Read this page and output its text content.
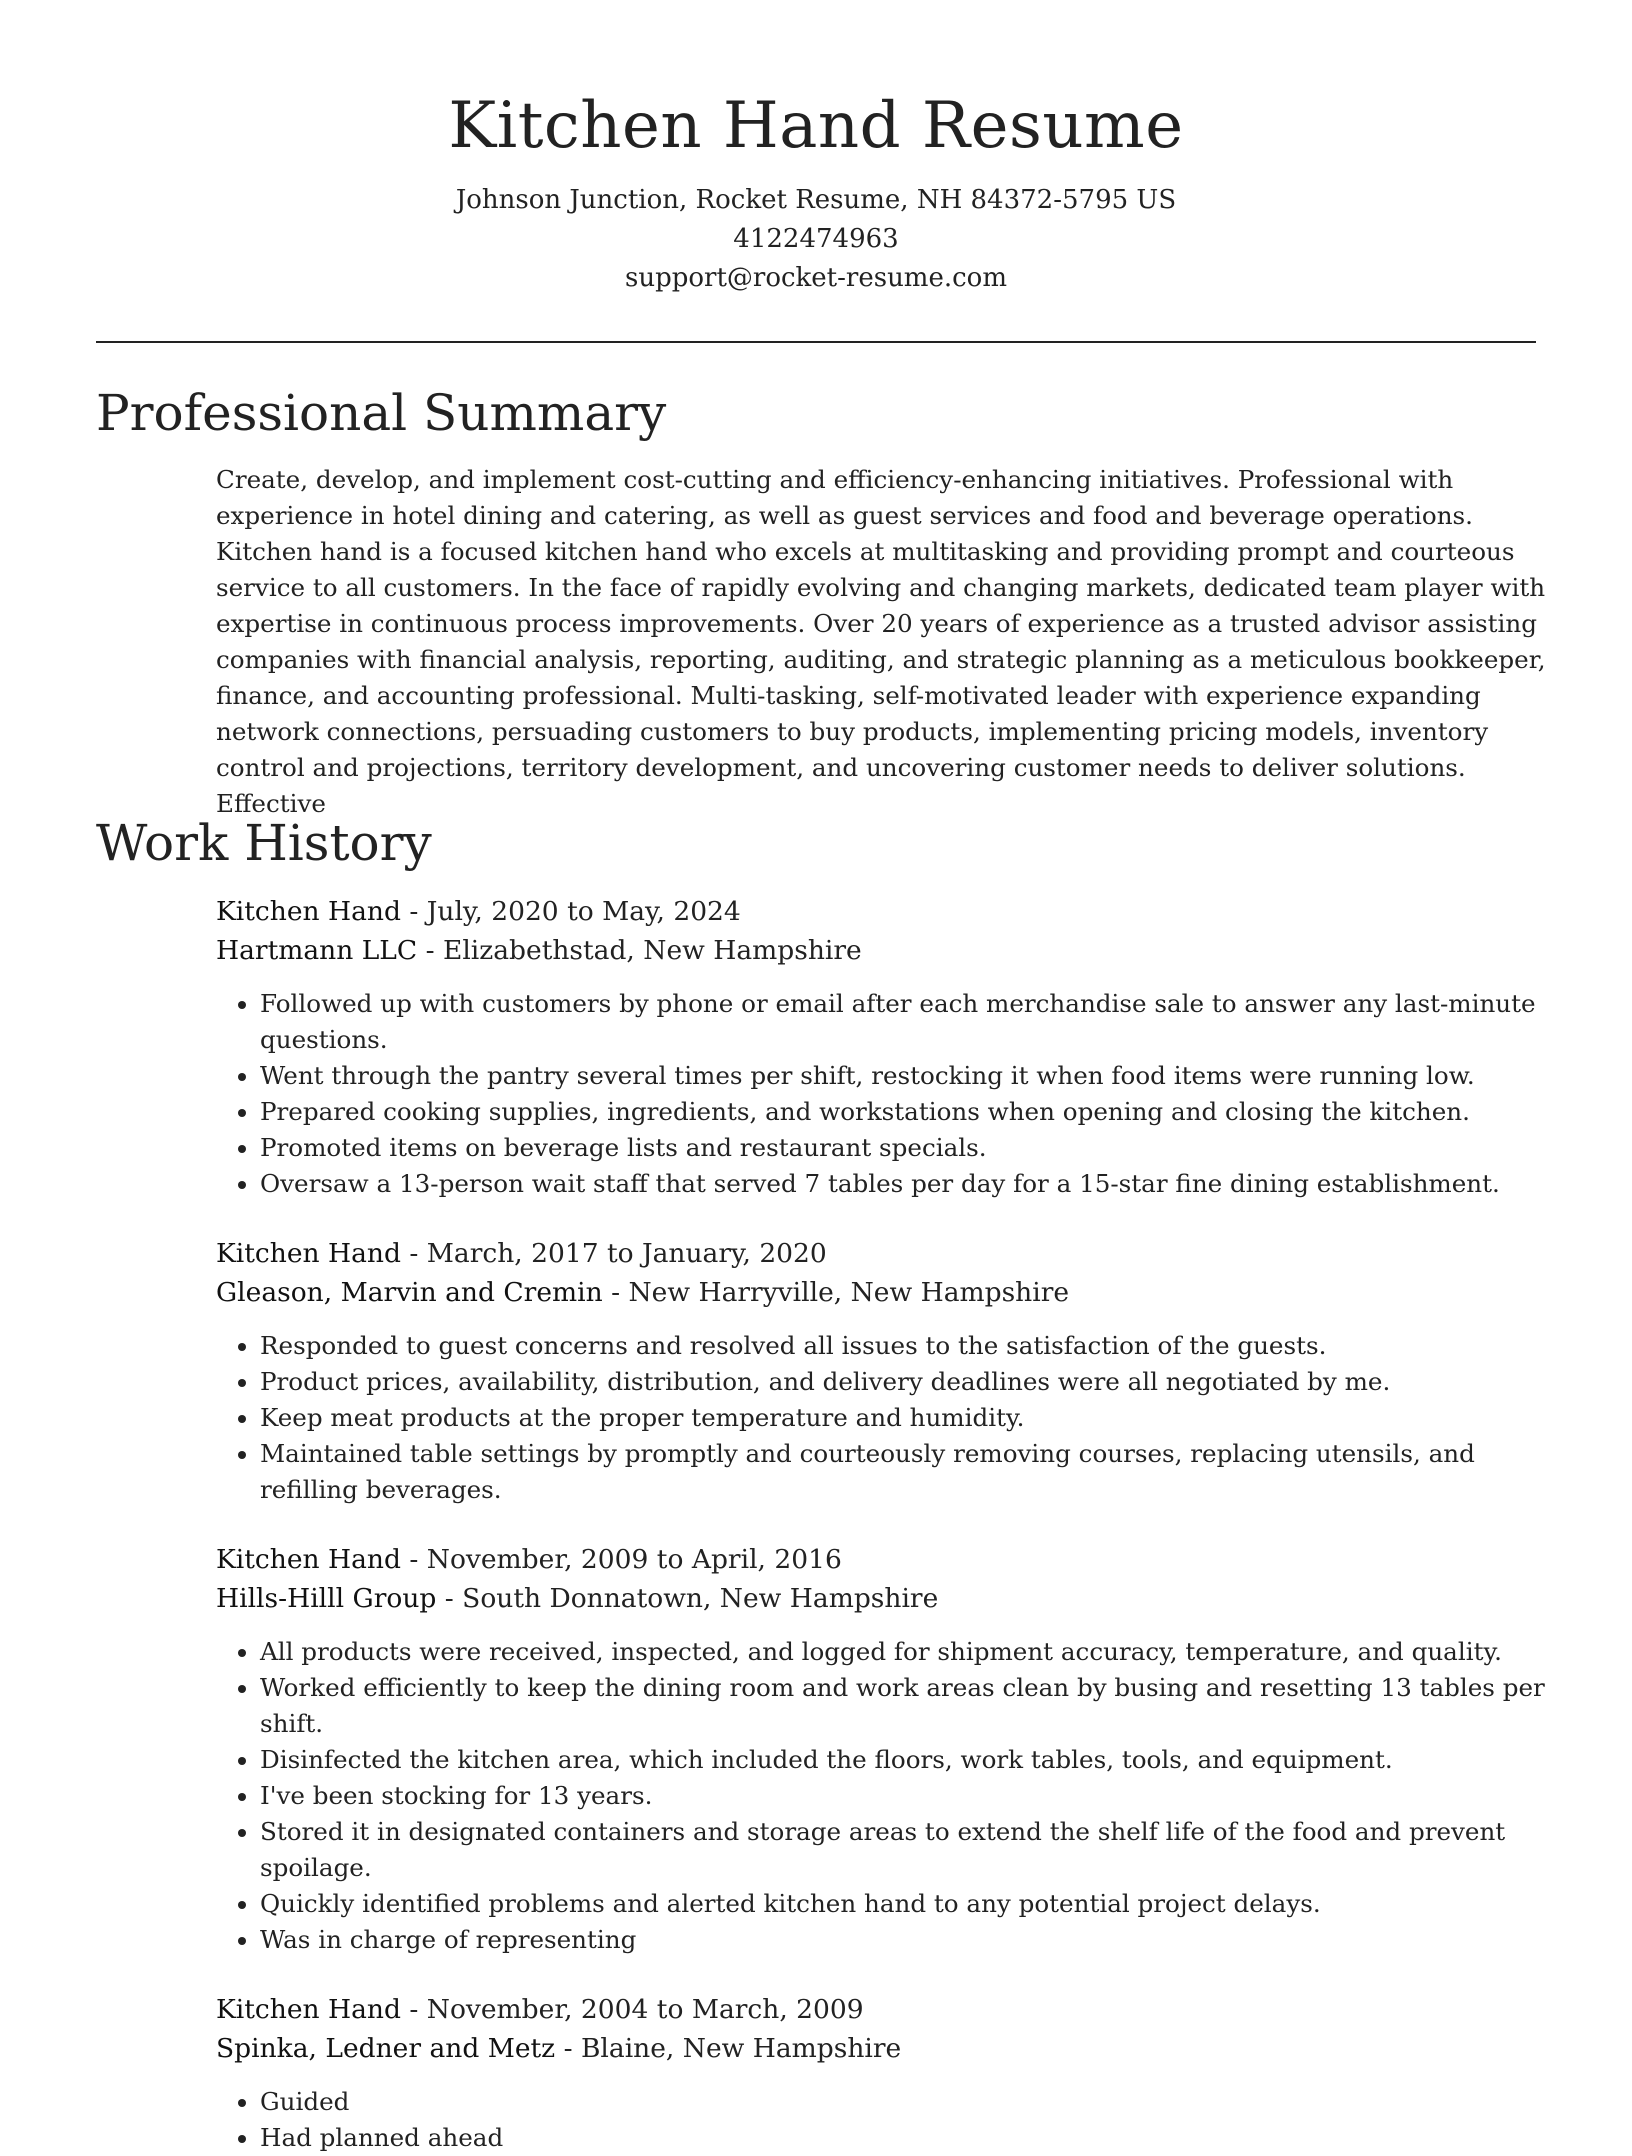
Kitchen Hand Resume

Johnson Junction, Rocket Resume, NH 84372-5795 US

4122474963

support@rocket-resume.com

Professional Summary

Create, develop, and implement cost-cutting and efficiency-enhancing initiatives. Professional with experience in hotel dining and catering, as well as guest services and food and beverage operations. Kitchen hand is a focused kitchen hand who excels at multitasking and providing prompt and courteous service to all customers. In the face of rapidly evolving and changing markets, dedicated team player with expertise in continuous process improvements. Over 20 years of experience as a trusted advisor assisting companies with financial analysis, reporting, auditing, and strategic planning as a meticulous bookkeeper, finance, and accounting professional. Multi-tasking, self-motivated leader with experience expanding network connections, persuading customers to buy products, implementing pricing models, inventory control and projections, territory development, and uncovering customer needs to deliver solutions. Effective

Work History

Kitchen Hand - July, 2020 to May, 2024

Hartmann LLC - Elizabethstad, New Hampshire

• Followed up with customers by phone or email after each merchandise sale to answer any last-minute questions.
• Went through the pantry several times per shift, restocking it when food items were running low.
• Prepared cooking supplies, ingredients, and workstations when opening and closing the kitchen.
• Promoted items on beverage lists and restaurant specials.
• Oversaw a 13-person wait staff that served 7 tables per day for a 15-star fine dining establishment.

Kitchen Hand - March, 2017 to January, 2020

Gleason, Marvin and Cremin - New Harryville, New Hampshire

• Responded to guest concerns and resolved all issues to the satisfaction of the guests.
• Product prices, availability, distribution, and delivery deadlines were all negotiated by me.
• Keep meat products at the proper temperature and humidity.
• Maintained table settings by promptly and courteously removing courses, replacing utensils, and refilling beverages.

Kitchen Hand - November, 2009 to April, 2016

Hills-Hilll Group - South Donnatown, New Hampshire

• All products were received, inspected, and logged for shipment accuracy, temperature, and quality.
• Worked efficiently to keep the dining room and work areas clean by busing and resetting 13 tables per shift.
• Disinfected the kitchen area, which included the floors, work tables, tools, and equipment.
• I've been stocking for 13 years.
• Stored it in designated containers and storage areas to extend the shelf life of the food and prevent spoilage.
• Quickly identified problems and alerted kitchen hand to any potential project delays.
• Was in charge of representing

Kitchen Hand - November, 2004 to March, 2009

Spinka, Ledner and Metz - Blaine, New Hampshire

• Guided
• Had planned ahead
